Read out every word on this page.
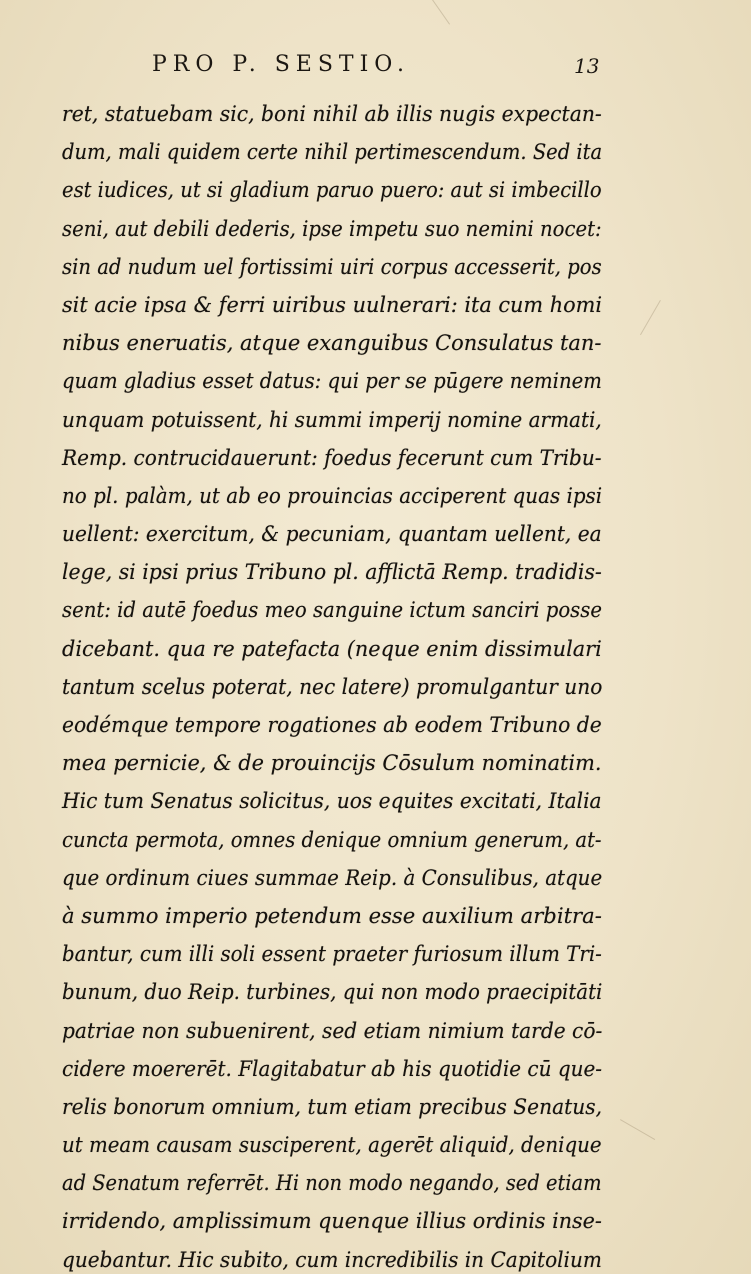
PRO P. SESTIO.	13
ret, statuebam sic, boni nihil ab illis nugis expectan-
dum, mali quidem certe nihil pertimescendum. Sed ita
est iudices, ut si gladium paruo puero: aut si imbecillo
seni, aut debili dederis, ipse impetu suo nemini nocet:
sin ad nudum uel fortissimi uiri corpus accesserit, pos
sit acie ipsa & ferri uiribus uulnerari: ita cum homi
nibus eneruatis, atque exanguibus Consulatus tan-
quam gladius esset datus: qui per se pūgere neminem
unquam potuissent, hi summi imperij nomine armati,
Remp. contrucidauerunt: foedus fecerunt cum Tribu-
no pl. palàm, ut ab eo prouincias acciperent quas ipsi
uellent: exercitum, & pecuniam, quantam uellent, ea
lege, si ipsi prius Tribuno pl. afflictā Remp. tradidis-
sent: id autē foedus meo sanguine ictum sanciri posse
dicebant. qua re patefacta (neque enim dissimulari
tantum scelus poterat, nec latere) promulgantur uno
eodémque tempore rogationes ab eodem Tribuno de
mea pernicie, & de prouincijs Cōsulum nominatim.
Hic tum Senatus solicitus, uos equites excitati, Italia
cuncta permota, omnes denique omnium generum, at-
que ordinum ciues summae Reip. à Consulibus, atque
à summo imperio petendum esse auxilium arbitra-
bantur, cum illi soli essent praeter furiosum illum Tri-
bunum, duo Reip. turbines, qui non modo praecipitāti
patriae non subuenirent, sed etiam nimium tarde cō-
cidere moererēt. Flagitabatur ab his quotidie cū que-
relis bonorum omnium, tum etiam precibus Senatus,
ut meam causam susciperent, agerēt aliquid, denique
ad Senatum referrēt. Hi non modo negando, sed etiam
irridendo, amplissimum quenque illius ordinis inse-
quebantur. Hic subito, cum incredibilis in Capitolium
